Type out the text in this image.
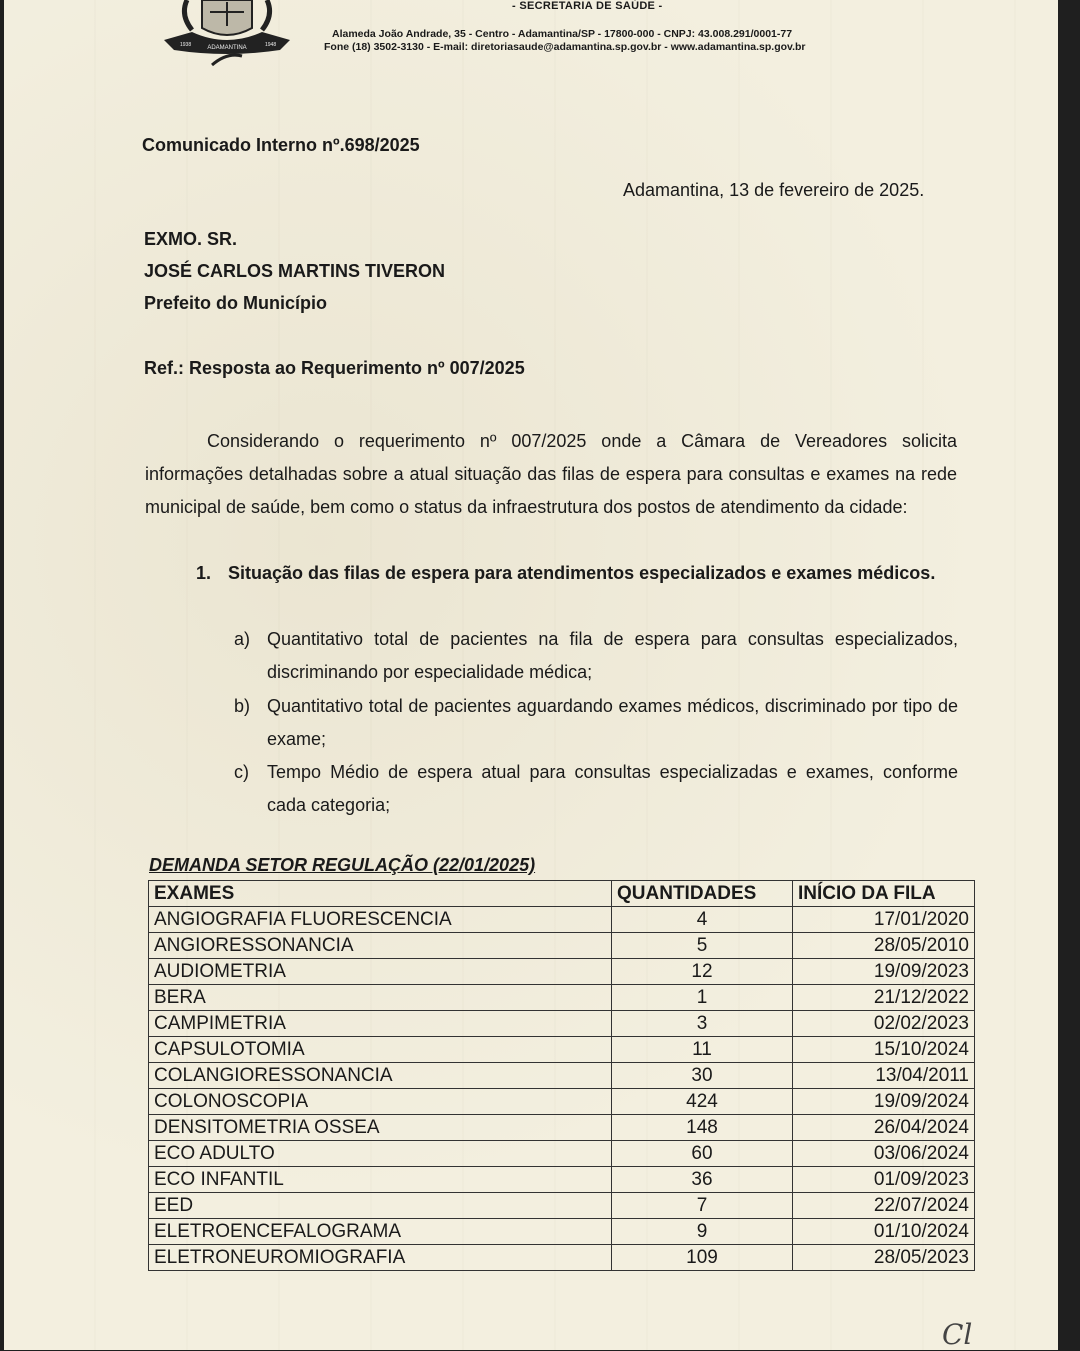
ADAMANTINA
1938	1948
- SECRETARIA DE SAÚDE -
Alameda João Andrade, 35 - Centro - Adamantina/SP - 17800-000 - CNPJ: 43.008.291/0001-77
Fone (18) 3502-3130 - E-mail: diretoriasaude@adamantina.sp.gov.br - www.adamantina.sp.gov.br
Comunicado Interno nº.698/2025
Adamantina, 13 de fevereiro de 2025.
EXMO. SR.
JOSÉ CARLOS MARTINS TIVERON
Prefeito do Município
Ref.: Resposta ao Requerimento nº 007/2025
Considerando o requerimento nº 007/2025 onde a Câmara de Vereadores solicita informações detalhadas sobre a atual situação das filas de espera para consultas e exames na rede municipal de saúde, bem como o status da infraestrutura dos postos de atendimento da cidade:
1. Situação das filas de espera para atendimentos especializados e exames médicos.
a) Quantitativo total de pacientes na fila de espera para consultas especializados, discriminando por especialidade médica;
b) Quantitativo total de pacientes aguardando exames médicos, discriminado por tipo de exame;
c) Tempo Médio de espera atual para consultas especializadas e exames, conforme cada categoria;
DEMANDA SETOR REGULAÇÃO (22/01/2025)
EXAMES	QUANTIDADES	INÍCIO DA FILA
ANGIOGRAFIA FLUORESCENCIA	4	17/01/2020
ANGIORESSONANCIA	5	28/05/2010
AUDIOMETRIA	12	19/09/2023
BERA	1	21/12/2022
CAMPIMETRIA	3	02/02/2023
CAPSULOTOMIA	11	15/10/2024
COLANGIORESSONANCIA	30	13/04/2011
COLONOSCOPIA	424	19/09/2024
DENSITOMETRIA OSSEA	148	26/04/2024
ECO ADULTO	60	03/06/2024
ECO INFANTIL	36	01/09/2023
EED	7	22/07/2024
ELETROENCEFALOGRAMA	9	01/10/2024
ELETRONEUROMIOGRAFIA	109	28/05/2023
Cl
